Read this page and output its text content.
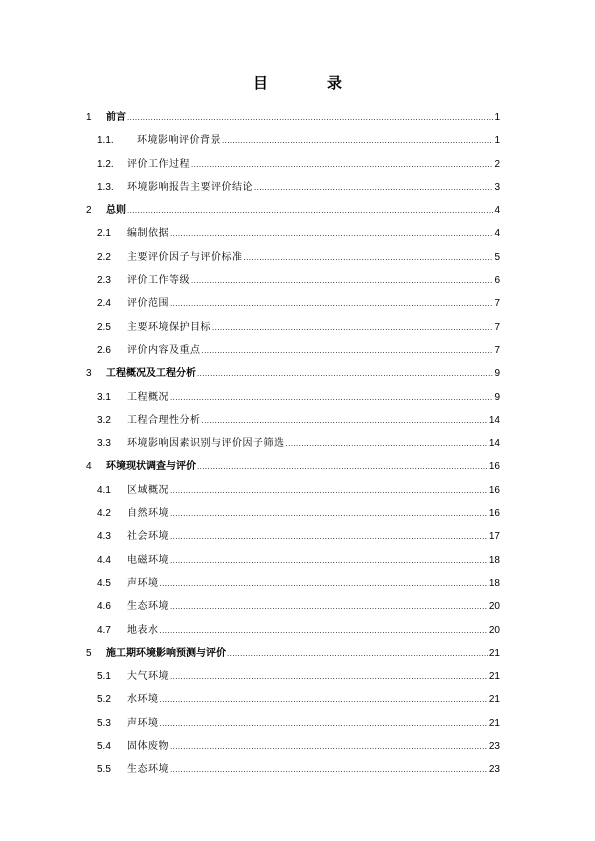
目　录
1	前言 .....	1
1.1.	环境影响评价背景 .....	1
1.2.	评价工作过程 .....	2
1.3.	环境影响报告主要评价结论 .....	3
2	总则 .....	4
2.1	编制依据 .....	4
2.2	主要评价因子与评价标准 .....	5
2.3	评价工作等级 .....	6
2.4	评价范围 .....	7
2.5	主要环境保护目标 .....	7
2.6	评价内容及重点 .....	7
3	工程概况及工程分析 .....	9
3.1	工程概况 .....	9
3.2	工程合理性分析 .....	14
3.3	环境影响因素识别与评价因子筛选 .....	14
4	环境现状调查与评价 .....	16
4.1	区域概况 .....	16
4.2	自然环境 .....	16
4.3	社会环境 .....	17
4.4	电磁环境 .....	18
4.5	声环境 .....	18
4.6	生态环境 .....	20
4.7	地表水 .....	20
5	施工期环境影响预测与评价 .....	21
5.1	大气环境 .....	21
5.2	水环境 .....	21
5.3	声环境 .....	21
5.4	固体废物 .....	23
5.5	生态环境 .....	23
